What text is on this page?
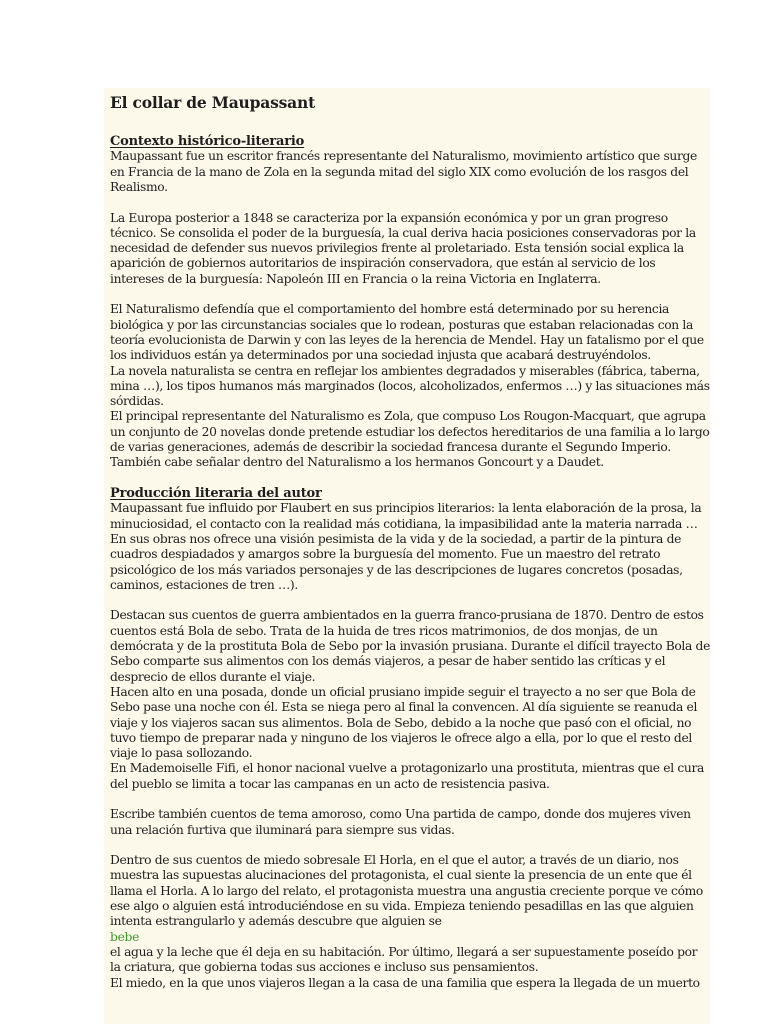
El collar de Maupassant
Contexto histórico-literario

Maupassant fue un escritor francés representante del Naturalismo, movimiento artístico que surge en Francia de la mano de Zola en la segunda mitad del siglo XIX como evolución de los rasgos del Realismo.

La Europa posterior a 1848 se caracteriza por la expansión económica y por un gran progreso técnico. Se consolida el poder de la burguesía, la cual deriva hacia posiciones conservadoras por la necesidad de defender sus nuevos privilegios frente al proletariado. Esta tensión social explica la aparición de gobiernos autoritarios de inspiración conservadora, que están al servicio de los intereses de la burguesía: Napoleón III en Francia o la reina Victoria en Inglaterra.

El Naturalismo defendía que el comportamiento del hombre está determinado por su herencia biológica y por las circunstancias sociales que lo rodean, posturas que estaban relacionadas con la teoría evolucionista de Darwin y con las leyes de la herencia de Mendel. Hay un fatalismo por el que los individuos están ya determinados por una sociedad injusta que acabará destruyéndolos.

La novela naturalista se centra en reflejar los ambientes degradados y miserables (fábrica, taberna, mina …), los tipos humanos más marginados (locos, alcoholizados, enfermos …) y las situaciones más sórdidas.

El principal representante del Naturalismo es Zola, que compuso Los Rougon-Macquart, que agrupa un conjunto de 20 novelas donde pretende estudiar los defectos hereditarios de una familia a lo largo de varias generaciones, además de describir la sociedad francesa durante el Segundo Imperio. También cabe señalar dentro del Naturalismo a los hermanos Goncourt y a Daudet.

Producción literaria del autor

Maupassant fue influido por Flaubert en sus principios literarios: la lenta elaboración de la prosa, la minuciosidad, el contacto con la realidad más cotidiana, la impasibilidad ante la materia narrada …

En sus obras nos ofrece una visión pesimista de la vida y de la sociedad, a partir de la pintura de cuadros despiadados y amargos sobre la burguesía del momento. Fue un maestro del retrato psicológico de los más variados personajes y de las descripciones de lugares concretos (posadas, caminos, estaciones de tren …).

Destacan sus cuentos de guerra ambientados en la guerra franco-prusiana de 1870. Dentro de estos cuentos está Bola de sebo. Trata de la huida de tres ricos matrimonios, de dos monjas, de un demócrata y de la prostituta Bola de Sebo por la invasión prusiana. Durante el difícil trayecto Bola de Sebo comparte sus alimentos con los demás viajeros, a pesar de haber sentido las críticas y el desprecio de ellos durante el viaje.

Hacen alto en una posada, donde un oficial prusiano impide seguir el trayecto a no ser que Bola de Sebo pase una noche con él. Esta se niega pero al final la convencen. Al día siguiente se reanuda el viaje y los viajeros sacan sus alimentos. Bola de Sebo, debido a la noche que pasó con el oficial, no tuvo tiempo de preparar nada y ninguno de los viajeros le ofrece algo a ella, por lo que el resto del viaje lo pasa sollozando.

En Mademoiselle Fifi, el honor nacional vuelve a protagonizarlo una prostituta, mientras que el cura del pueblo se limita a tocar las campanas en un acto de resistencia pasiva.

Escribe también cuentos de tema amoroso, como Una partida de campo, donde dos mujeres viven una relación furtiva que iluminará para siempre sus vidas.

Dentro de sus cuentos de miedo sobresale El Horla, en el que el autor, a través de un diario, nos muestra las supuestas alucinaciones del protagonista, el cual siente la presencia de un ente que él llama el Horla. A lo largo del relato, el protagonista muestra una angustia creciente porque ve cómo ese algo o alguien está introduciéndose en su vida. Empieza teniendo pesadillas en las que alguien intenta estrangularlo y además descubre que alguien se

bebe

el agua y la leche que él deja en su habitación. Por último, llegará a ser supuestamente poseído por la criatura, que gobierna todas sus acciones e incluso sus pensamientos.

El miedo, en la que unos viajeros llegan a la casa de una familia que espera la llegada de un muerto
